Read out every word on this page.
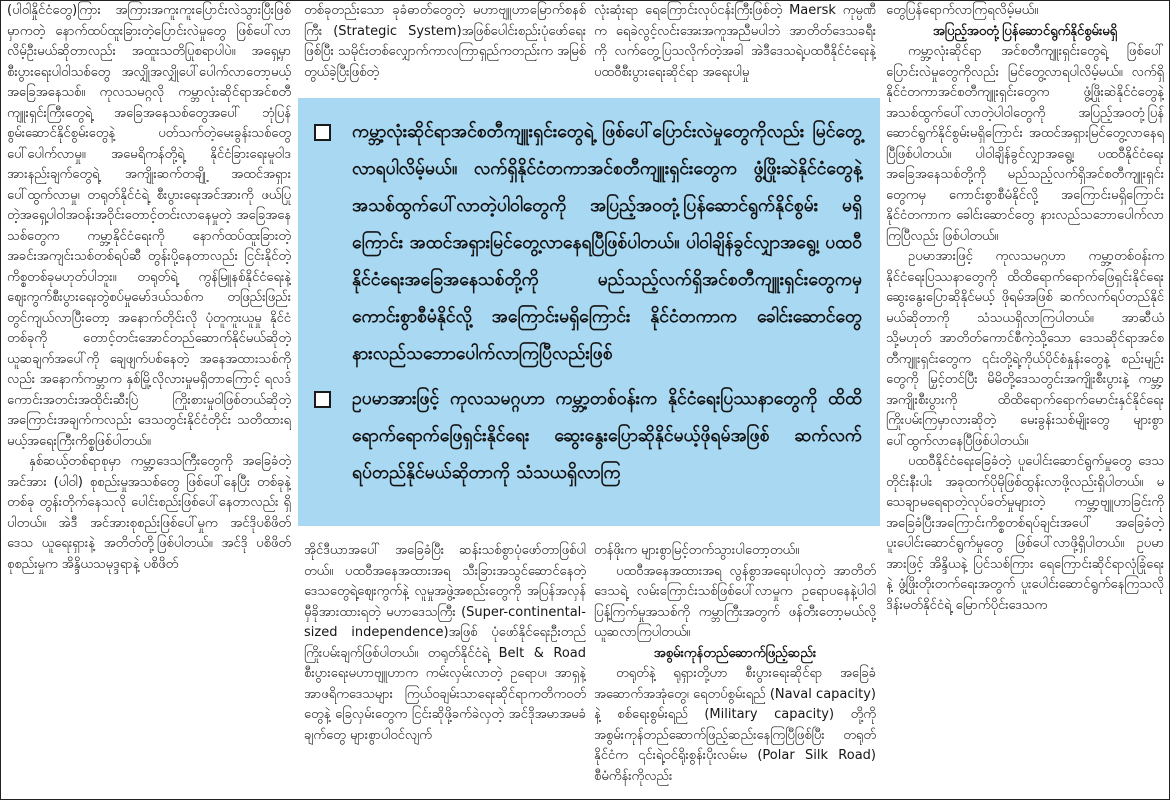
(ပါဝါနှိုင်ငံတွေ)ကြား အကြားအကူးကူးပြောင်းလဲသွားပြီးဖြစ်မှာကတဲ့ နောက်ထပ်ထူးခြားတဲ့ပြောင်းလဲမှုတွေ ဖြစ်ပေါ်လာလိမ့်ဦးမယ်ဆိုတာလည်း အထူးသတိပြုစရာပါပဲ။ အရှေ့မှာ စီးပွားရေးပါဝါသစ်တွေ အလျှိုအလျှိုပေါ်ပေါက်လာတော့မယ့် အခြေအနေသစ်။ ကုလသမဂ္ဂလို ကမ္ဘာလုံးဆိုင်ရာအင်စတီကျူးရှင်းကြီးတွေရဲ့ အခြေအနေသစ်တွေအပေါ် ဘုံပြန်စွမ်းဆောင်နိုင်စွမ်းတွေနဲ့ ပတ်သက်တဲ့မေးခွန်းသစ်တွေ ပေါ်ပေါက်လာမှု။ အမေရိကန်တို့ရဲ့ နိုင်ငံခြားရေးမူဝါဒအားနည်းချက်တွေရဲ့ အကျိုးဆက်တချို့ အထင်အရှားပေါ်ထွက်လာမှု၊ တရုတ်နိုင်ငံရဲ့ စီးပွားရေးအင်အားကို ဖယ်ပြုတဲ့အရှေ့ပါဝါအဝန်းအဝိုင်းတောင့်တင်းလာနေမှုတဲ့ အခြေအနေသစ်တွေက ကမ္ဘာ့နိုင်ငံရေးကို နောက်ထပ်ထူးခြားတဲ့ အခင်းအကျင်းသစ်တစ်ရပ်ဆီ တွန်းပို့နေတာလည်း ငြင်းနိုင်တဲ့ကိစ္စတစ်ခုမဟုတ်ပါဘူး။ တရုတ်ရဲ့ ကွန်မြူနစ်နိုင်ငံရေးနဲ့ ဈေးကွက်စီးပွားရေးတွဲစပ်မှုမော်ဒယ်သစ်က တဖြည်းဖြည်းတွင်ကျယ်လာပြီးတော့ အနောက်တိုင်းလို ပုံတူကူးယူမှု နိုင်ငံတစ်ခုကို တောင့်တင်းအောင်တည်ဆောက်နိုင်မယ်ဆိုတဲ့ ယူဆချက်အပေါ်ကို ချေဖျက်ပစ်နေတဲ့ အနေအထားသစ်ကိုလည်း အနောက်ကမ္ဘာက နှစ်မြို့လိုလားမှုမရှိတာကြောင့် ရလဒ်ကောင်းအတင်းအထိုင်းဆီးပြဲ ကြိုးစားမှုဝါဖြစ်တယ်ဆိုတဲ့ အကြောင်းအချက်ကလည်း ဒေသတွင်းနိုင်ငံတိုင်း သတိထားရမယ့်အရေးကြီးကိစ္စဖြစ်ပါတယ်။

နှစ်ဆယ့်တစ်ရာစုမှာ ကမ္ဘာ့ဒေသကြီးတွေကို အခြေခံတဲ့အင်အား (ပါဝါ) စုစည်းမှုအသစ်တွေ ဖြစ်ပေါ်နေပြီး တစ်ခုနဲ့တစ်ခု တွန်းတိုက်နေသလို ပေါင်းစည်းဖြစ်ပေါ်နေတာလည်း ရှိပါတယ်။ အဲဒီ အင်အားစုစည်းဖြစ်ပေါ်မှုက အင်ဒိုပစိဖိတ်ဒေသ ယူရေးရှားနဲ့ အတိတ်တို့ဖြစ်ပါတယ်။ အင်ဒို ပစိဖိတ်စုစည်းမှုက အိန္ဒိယသမုဒ္ဒရာနဲ့ ပစိဖိတ်

တစ်ခုတည်းသော ခုခံဓာတ်တွေတဲ့ မဟာဗျူဟာမြောက်စနစ်ကြီး (Strategic System)အဖြစ်ပေါင်းစည်းပုံဖော်ရေးဖြစ်ပြီး သမိုင်းတစ်လျှောက်ကာလကြာရှည်ကတည်းက အမြစ်တွယ်ခဲ့ပြီးဖြစ်တဲ့

လုံးဆုံးရာ ရေကြောင်းလုပ်ငန်းကြီးဖြစ်တဲ့ Maersk ကုမ္ပဏီက ရေခဲလွင့်လင်းအေးအကူအညီမပါဘဲ အာတိတ်ဒေသခရီးကို လက်တွေ့ပြသလိုက်တဲ့အခါ အဲဒီဒေသရဲ့ပထဝီနိုင်ငံရေးနဲ့ ပထဝီစီးပွားရေးဆိုင်ရာ အရေးပါမှု

ကမ္ဘာ့လုံးဆိုင်ရာအင်စတီကျူးရှင်းတွေရဲ့ ဖြစ်ပေါ်ပြောင်းလဲမှုတွေကိုလည်း မြင်တွေ့လာရပါလိမ့်မယ်။ လက်ရှိနိုင်ငံတကာအင်စတီကျူးရှင်းတွေက ဖွံ့ဖြိုးဆဲနိုင်ငံတွေနဲ့ အသစ်ထွက်ပေါ်လာတဲ့ပါဝါတွေကို အပြည့်အဝတုံ့ပြန်ဆောင်ရွက်နိုင်စွမ်း မရှိကြောင်း အထင်အရှားမြင်တွေ့လာနေရပြီဖြစ်ပါတယ်။ ပါဝါချိန်ခွင်လျှာအရွေ့၊ ပထဝီနိုင်ငံရေးအခြေအနေသစ်တို့ကို မည်သည့်လက်ရှိအင်စတီကျူးရှင်းတွေကမှ ကောင်းစွာစီမံနိုင်လို့ အကြောင်းမရှိကြောင်း နိုင်ငံတကာက ခေါင်းဆောင်တွေ နားလည်သဘောပေါက်လာကြပြီလည်းဖြစ်
ဥပမာအားဖြင့် ကုလသမဂ္ဂဟာ ကမ္ဘာ့တစ်ဝန်းက နိုင်ငံရေးပြဿနာတွေကို ထိထိရောက်ရောက်ဖြေရှင်းနိုင်ရေး ဆွေးနွေးပြောဆိုနိုင်မယ့်ဖိုရမ်အဖြစ် ဆက်လက်ရပ်တည်နိုင်မယ်ဆိုတာကို သံသယရှိလာကြ

အိုင်ဒီယာအပေါ် အခြေခံပြီး ဆန်းသစ်စွာပုံဖော်တာဖြစ်ပါတယ်။ ပထဝီအနေအထားအရ သီးခြားအသွင်ဆောင်နေတဲ့ဒေသတွေရဲ့ဈေးကွက်နဲ့ လူမှုအဖွဲ့အစည်းတွေကို အပြန်အလှန်မှီခိုအားထားရတဲ့ မဟာဒေသကြီး (Super-continental-sized independence)အဖြစ် ပုံဖော်နိုင်ရေးဦးတည်ကြိုးပမ်းချက်ဖြစ်ပါတယ်။ တရုတ်နိုင်ငံရဲ့ Belt & Road စီးပွားရေးမဟာဗျူဟာက ကမ်းလှမ်းလာတဲ့ ဥရောပ၊ အာရှနဲ့ အာဖရိကဒေသများ ကြယ်ဝချမ်းသာရေးဆိုင်ရာကတိကဝတ်တွေနဲ့ ခြေလှမ်းတွေက ငြင်းဆိုဖို့ခက်ခဲလှတဲ့ အင်ဒိုအမာအမခံချက်တွေ များစွာပါဝင်လျက်

တန်ဖိုးက များစွာမြင့်တက်သွားပါတော့တယ်။

ပထဝီအနေအထားအရ လွန်စွာအရေးပါလှတဲ့ အာတိတ်ဒေသရဲ့ လမ်းကြောင်းသစ်ဖြစ်ပေါ်လာမှုက ဥရောပနေနဲ့ပါဝါပြန့်ကြက်မှုအသစ်ကို ကမ္ဘာကြီးအတွက် ဖန်တီးတော့မယ်လို့ ယူဆလာကြပါတယ်။

အစွမ်းကုန်တည်ဆောက်ဖြည့်ဆည်း

တရုတ်နဲ့ ရုရှားတို့ဟာ စီးပွားရေးဆိုင်ရာ အခြေခံအဆောက်အအုံတွေ၊ ရေတပ်စွမ်းရည် (Naval capacity) နဲ့ စစ်ရေးစွမ်းရည် (Military capacity) တို့ကို အစွမ်းကုန်တည်ဆောက်ဖြည့်ဆည်းနေကြပြီဖြစ်ပြီး တရုတ်နိုင်ငံက ၎င်းရဲ့ဝင်ရိုးစွန်းပိုးလမ်းမ (Polar Silk Road) စီမံကိန်းကိုလည်း

တွေပြန်ရောက်လာကြရလိမ့်မယ်။

အပြည့်အဝတုံ့ပြန်ဆောင်ရွက်နိုင်စွမ်းမရှိ

ကမ္ဘာ့လုံးဆိုင်ရာ အင်စတီကျူးရှင်းတွေရဲ့ ဖြစ်ပေါ်ပြောင်းလဲမှုတွေကိုလည်း မြင်တွေ့လာရပါလိမ့်မယ်။ လက်ရှိနိုင်ငံတကာအင်စတီကျူးရှင်းတွေက ဖွံ့ဖြိုးဆဲနိုင်ငံတွေနဲ့ အသစ်ထွက်ပေါ်လာတဲ့ပါဝါတွေကို အပြည့်အဝတုံ့ပြန်ဆောင်ရွက်နိုင်စွမ်းမရှိကြောင်း အထင်အရှားမြင်တွေ့လာနေရပြီဖြစ်ပါတယ်။ ပါဝါချိန်ခွင်လျှာအရွေ့၊ ပထဝီနိုင်ငံရေးအခြေအနေသစ်တို့ကို မည်သည့်လက်ရှိအင်စတီကျူးရှင်းတွေကမှ ကောင်းစွာစီမံနိုင်လို့ အကြောင်းမရှိကြောင်း နိုင်ငံတကာက ခေါင်းဆောင်တွေ နားလည်သဘောပေါက်လာကြပြီလည်း ဖြစ်ပါတယ်။

ဥပမာအားဖြင့် ကုလသမဂ္ဂဟာ ကမ္ဘာ့တစ်ဝန်းက နိုင်ငံရေးပြဿနာတွေကို ထိထိရောက်ရောက်ဖြေရှင်းနိုင်ရေး ဆွေးနွေးပြောဆိုနိုင်မယ့် ဖိုရမ်အဖြစ် ဆက်လက်ရပ်တည်နိုင်မယ်ဆိုတာကို သံသယရှိလာကြပါတယ်။ အာဆီယံ သို့မဟုတ် အာတိတ်ကောင်စီကဲ့သို့သော ဒေသဆိုင်ရာအင်စတီကျူးရှင်းတွေက ၎င်းတို့ရဲ့ကိုယ်ပိုင်စံနှုန်းတွေနဲ့ စည်းမျဉ်းတွေကို မြှင့်တင်ပြီး မိမိတို့ဒေသတွင်းအကျိုးစီးပွားနဲ့ ကမ္ဘာ့အကျိုးစီးပွားကို ထိထိရောက်ရောက်မောင်းနှင်နိုင်ရေး ကြိုးပမ်းကြမှာလားဆိုတဲ့ မေးခွန်းသစ်မျိုးတွေ များစွာပေါ်ထွက်လာနေပြီဖြစ်ပါတယ်။

ပထဝီနိုင်ငံရေးခြေခံတဲ့ ပူပေါင်းဆောင်ရွက်မှုတွေ ဒေသတိုင်းနီးပါး အခုထက်ပိုမိုဖြစ်ထွန်းလာဖို့လည်းရှိပါတယ်။ မသေချာမရေရာတဲ့လုပ်ခတ်မှုများတဲ့ ကမ္ဘာ့ဗျူဟာခြင်းကို အခြေခံပြီးအကြောင်းကိစ္စတစ်ရပ်ချင်းအပေါ် အခြေခံတဲ့ ပူးပေါင်းဆောင်ရွက်မှုတွေ ဖြစ်ပေါ်လာဖို့ရှိပါတယ်။ ဥပမာအားဖြင့် အိန္ဒိယနဲ့ ပြင်သစ်ကြား ရေကြောင်းဆိုင်ရာလုံခြုံရေးနဲ့ ဖွံ့ဖြိုးတိုးတက်ရေးအတွက် ပူးပေါင်းဆောင်ရွက်နေကြသလို ဒိန်းမတ်နိုင်ငံရဲ့ မြောက်ပိုင်းဒေသက
